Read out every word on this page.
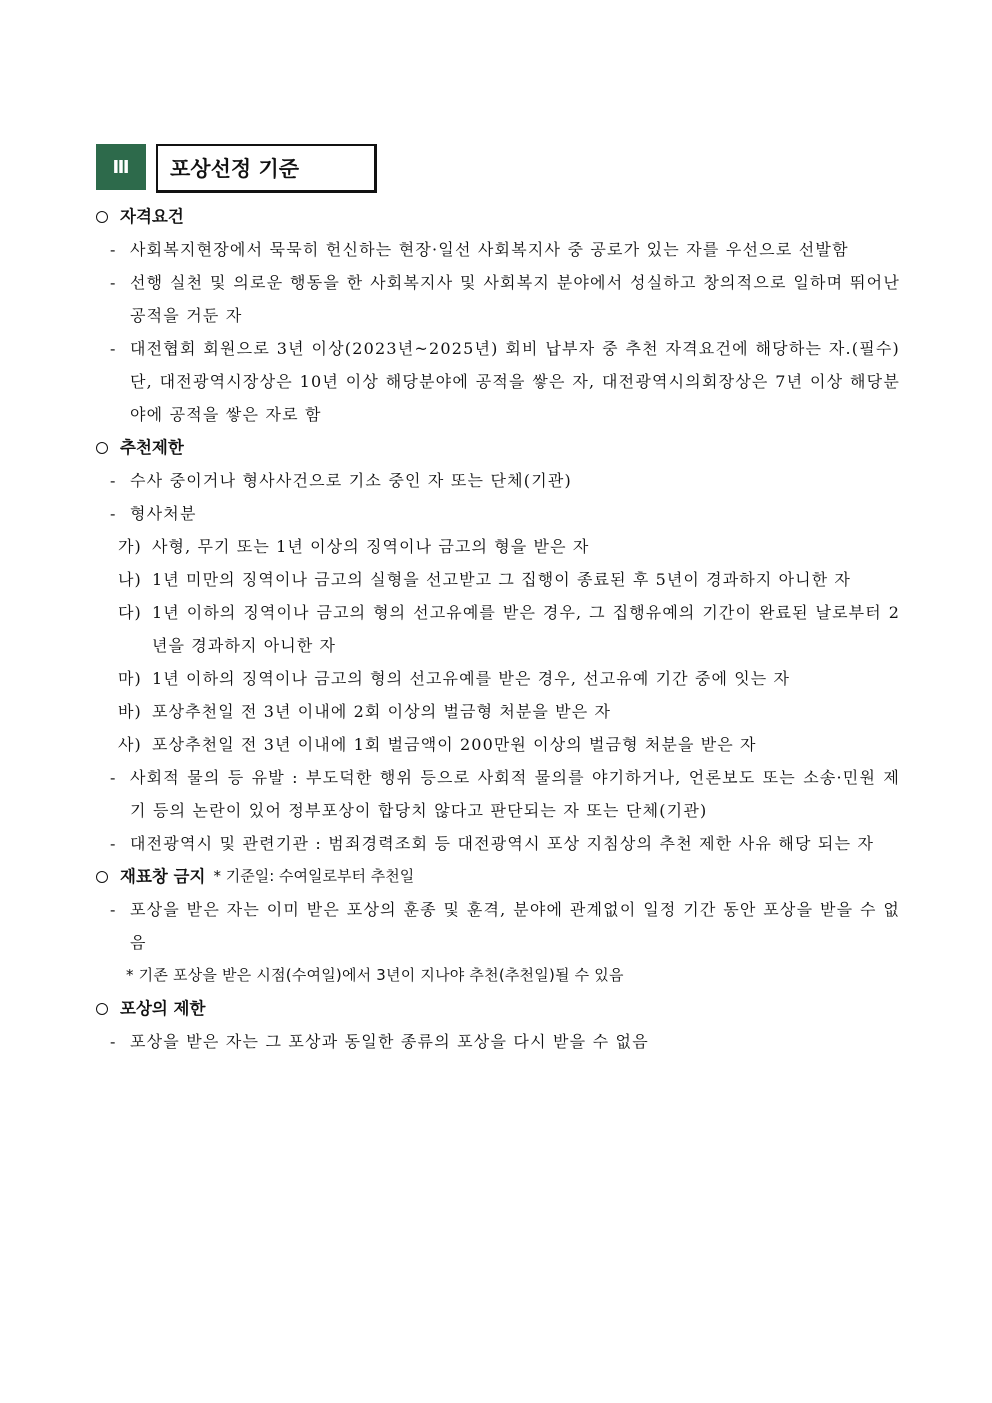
Ⅲ	포상선정 기준
자격요건
- 사회복지현장에서 묵묵히 헌신하는 현장·일선 사회복지사 중 공로가 있는 자를 우선으로 선발함
- 선행 실천 및 의로운 행동을 한 사회복지사 및 사회복지 분야에서 성실하고 창의적으로 일하며 뛰어난 공적을 거둔 자
- 대전협회 회원으로 3년 이상(2023년~2025년) 회비 납부자 중 추천 자격요건에 해당하는 자.(필수) 단, 대전광역시장상은 10년 이상 해당분야에 공적을 쌓은 자, 대전광역시의회장상은 7년 이상 해당분야에 공적을 쌓은 자로 함
추천제한
- 수사 중이거나 형사사건으로 기소 중인 자 또는 단체(기관)
- 형사처분
가) 사형, 무기 또는 1년 이상의 징역이나 금고의 형을 받은 자
나) 1년 미만의 징역이나 금고의 실형을 선고받고 그 집행이 종료된 후 5년이 경과하지 아니한 자
다) 1년 이하의 징역이나 금고의 형의 선고유예를 받은 경우, 그 집행유예의 기간이 완료된 날로부터 2년을 경과하지 아니한 자
마) 1년 이하의 징역이나 금고의 형의 선고유예를 받은 경우, 선고유예 기간 중에 잇는 자
바) 포상추천일 전 3년 이내에 2회 이상의 벌금형 처분을 받은 자
사) 포상추천일 전 3년 이내에 1회 벌금액이 200만원 이상의 벌금형 처분을 받은 자
- 사회적 물의 등 유발 : 부도덕한 행위 등으로 사회적 물의를 야기하거나, 언론보도 또는 소송·민원 제기 등의 논란이 있어 정부포상이 합당치 않다고 판단되는 자 또는 단체(기관)
- 대전광역시 및 관련기관 : 범죄경력조회 등 대전광역시 포상 지침상의 추천 제한 사유 해당 되는 자
재표창 금지 * 기준일: 수여일로부터 추천일
- 포상을 받은 자는 이미 받은 포상의 훈종 및 훈격, 분야에 관계없이 일정 기간 동안 포상을 받을 수 없음
* 기존 포상을 받은 시점(수여일)에서 3년이 지나야 추천(추천일)될 수 있음
포상의 제한
- 포상을 받은 자는 그 포상과 동일한 종류의 포상을 다시 받을 수 없음
